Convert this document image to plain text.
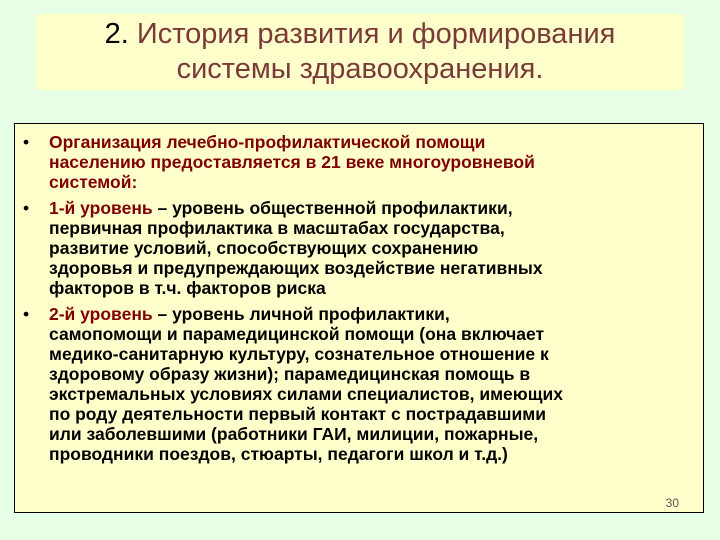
2. История развития и формирования
системы здравоохранения.
• Организация лечебно-профилактической помощи
населению предоставляется в 21 веке многоуровневой
системой:
• 1-й уровень – уровень общественной профилактики,
первичная профилактика в масштабах государства,
развитие условий, способствующих сохранению
здоровья и предупреждающих воздействие негативных
факторов в т.ч. факторов риска
• 2-й уровень – уровень личной профилактики,
самопомощи и парамедицинской помощи (она включает
медико-санитарную культуру, сознательное отношение к
здоровому образу жизни); парамедицинская помощь в
экстремальных условиях силами специалистов, имеющих
по роду деятельности первый контакт с пострадавшими
или заболевшими (работники ГАИ, милиции, пожарные,
проводники поездов, стюарты, педагоги школ и т.д.)
30
